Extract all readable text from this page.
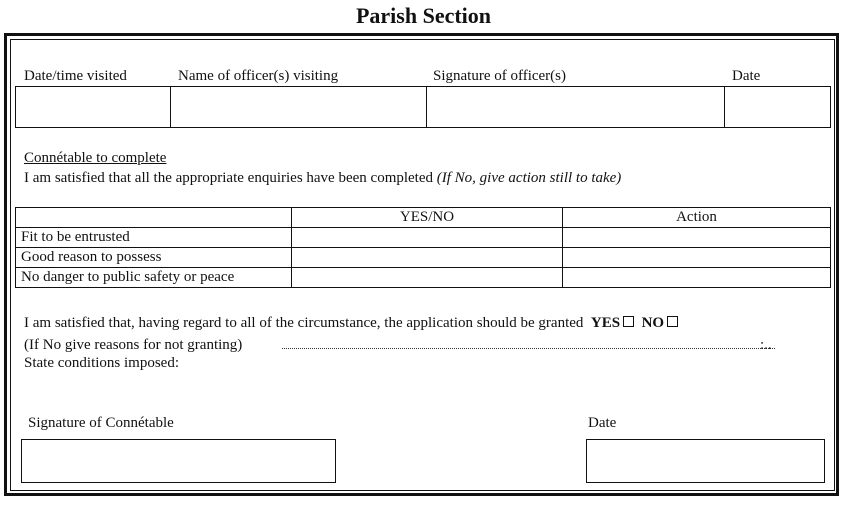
Parish Section
Date/time visited	Name of officer(s) visiting	Signature of officer(s)	Date
Connétable to complete
I am satisfied that all the appropriate enquiries have been completed (If No, give action still to take)
	YES/NO	Action
Fit to be entrusted		
Good reason to possess		
No danger to public safety or peace		
I am satisfied that, having regard to all of the circumstance, the application should be granted YES NO
(If No give reasons for not granting)	:..
State conditions imposed:
Signature of Connétable	Date
